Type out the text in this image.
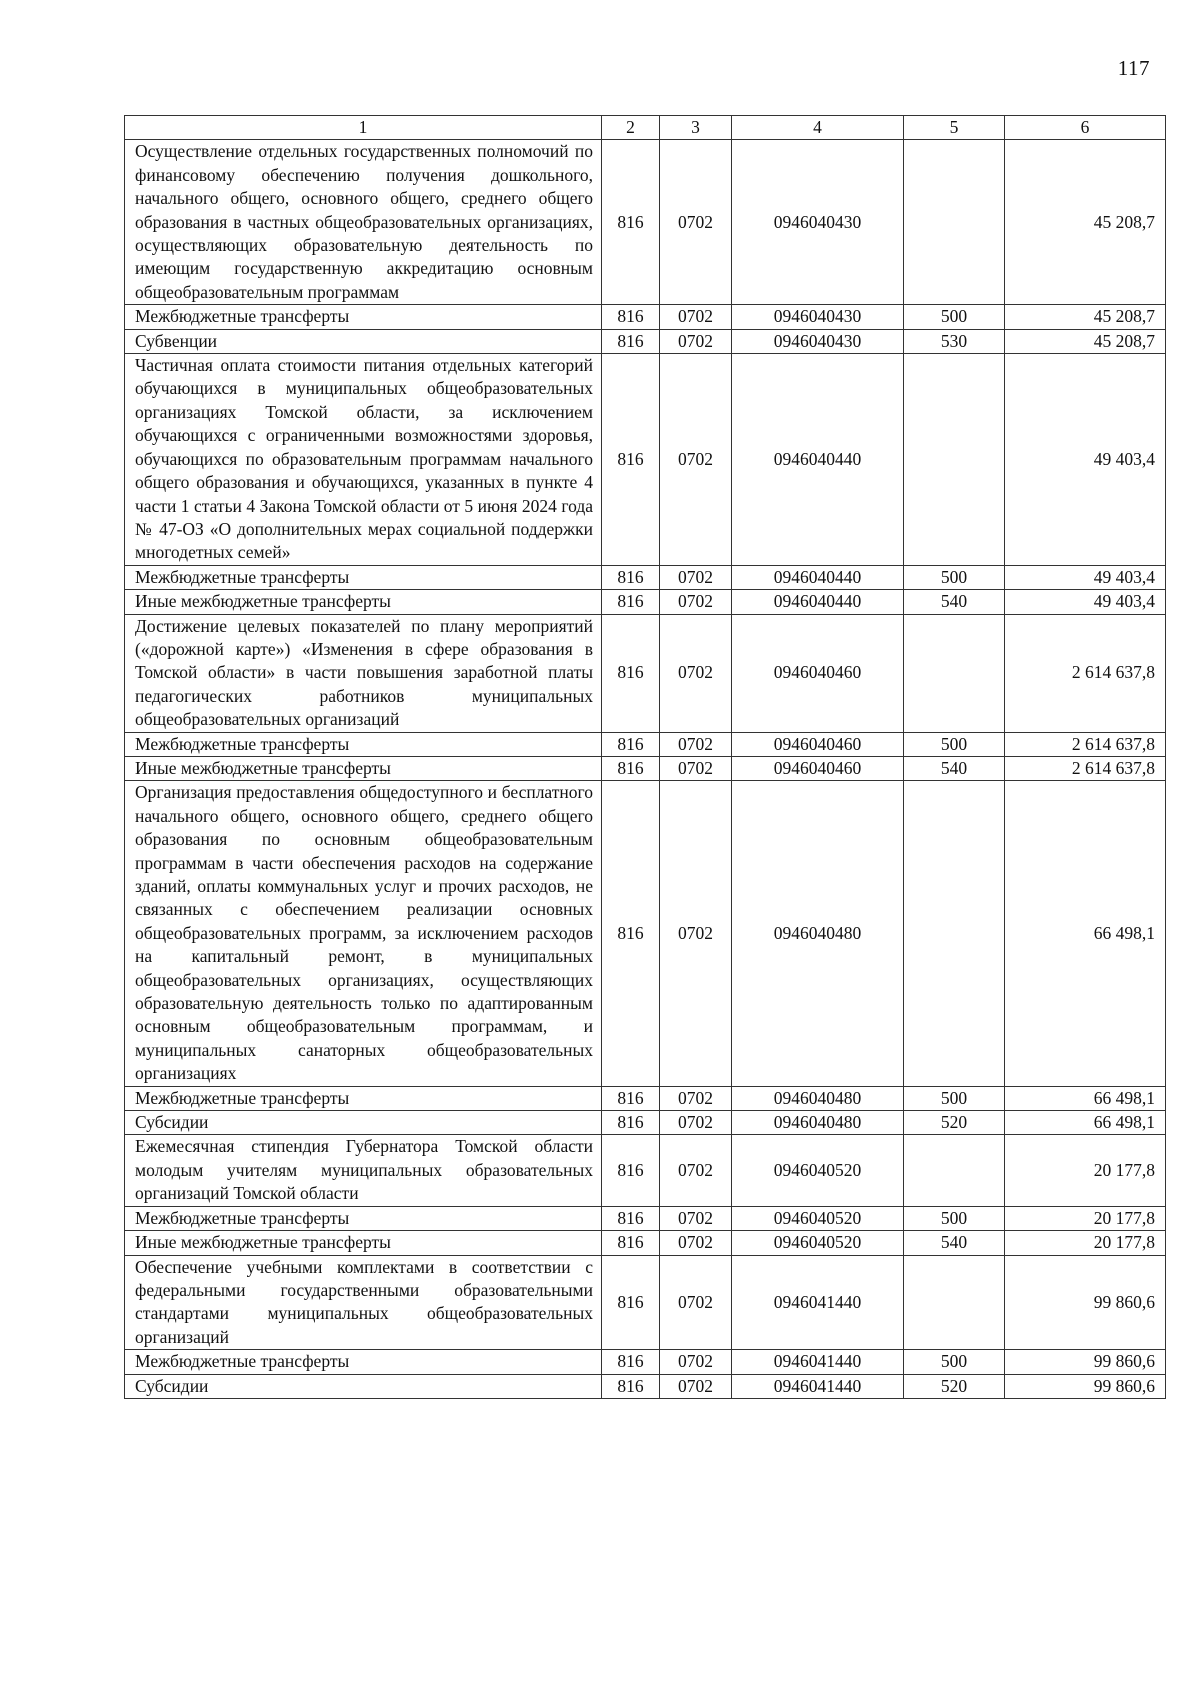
117
1	2	3	4	5	6
Осуществление отдельных государственных полномочий по финансовому обеспечению получения дошкольного, начального общего, основного общего, среднего общего образования в частных общеобразовательных организациях, осуществляющих образовательную деятельность по имеющим государственную аккредитацию основным общеобразовательным программам	816	0702	0946040430		45 208,7
Межбюджетные трансферты	816	0702	0946040430	500	45 208,7
Субвенции	816	0702	0946040430	530	45 208,7
Частичная оплата стоимости питания отдельных категорий обучающихся в муниципальных общеобразовательных организациях Томской области, за исключением обучающихся с ограниченными возможностями здоровья, обучающихся по образовательным программам начального общего образования и обучающихся, указанных в пункте 4 части 1 статьи 4 Закона Томской области от 5 июня 2024 года № 47-ОЗ «О дополнительных мерах социальной поддержки многодетных семей»	816	0702	0946040440		49 403,4
Межбюджетные трансферты	816	0702	0946040440	500	49 403,4
Иные межбюджетные трансферты	816	0702	0946040440	540	49 403,4
Достижение целевых показателей по плану мероприятий («дорожной карте») «Изменения в сфере образования в Томской области» в части повышения заработной платы педагогических работников муниципальных общеобразовательных организаций	816	0702	0946040460		2 614 637,8
Межбюджетные трансферты	816	0702	0946040460	500	2 614 637,8
Иные межбюджетные трансферты	816	0702	0946040460	540	2 614 637,8
Организация предоставления общедоступного и бесплатного начального общего, основного общего, среднего общего образования по основным общеобразовательным программам в части обеспечения расходов на содержание зданий, оплаты коммунальных услуг и прочих расходов, не связанных с обеспечением реализации основных общеобразовательных программ, за исключением расходов на капитальный ремонт, в муниципальных общеобразовательных организациях, осуществляющих образовательную деятельность только по адаптированным основным общеобразовательным программам, и муниципальных санаторных общеобразовательных организациях	816	0702	0946040480		66 498,1
Межбюджетные трансферты	816	0702	0946040480	500	66 498,1
Субсидии	816	0702	0946040480	520	66 498,1
Ежемесячная стипендия Губернатора Томской области молодым учителям муниципальных образовательных организаций Томской области	816	0702	0946040520		20 177,8
Межбюджетные трансферты	816	0702	0946040520	500	20 177,8
Иные межбюджетные трансферты	816	0702	0946040520	540	20 177,8
Обеспечение учебными комплектами в соответствии с федеральными государственными образовательными стандартами муниципальных общеобразовательных организаций	816	0702	0946041440		99 860,6
Межбюджетные трансферты	816	0702	0946041440	500	99 860,6
Субсидии	816	0702	0946041440	520	99 860,6
